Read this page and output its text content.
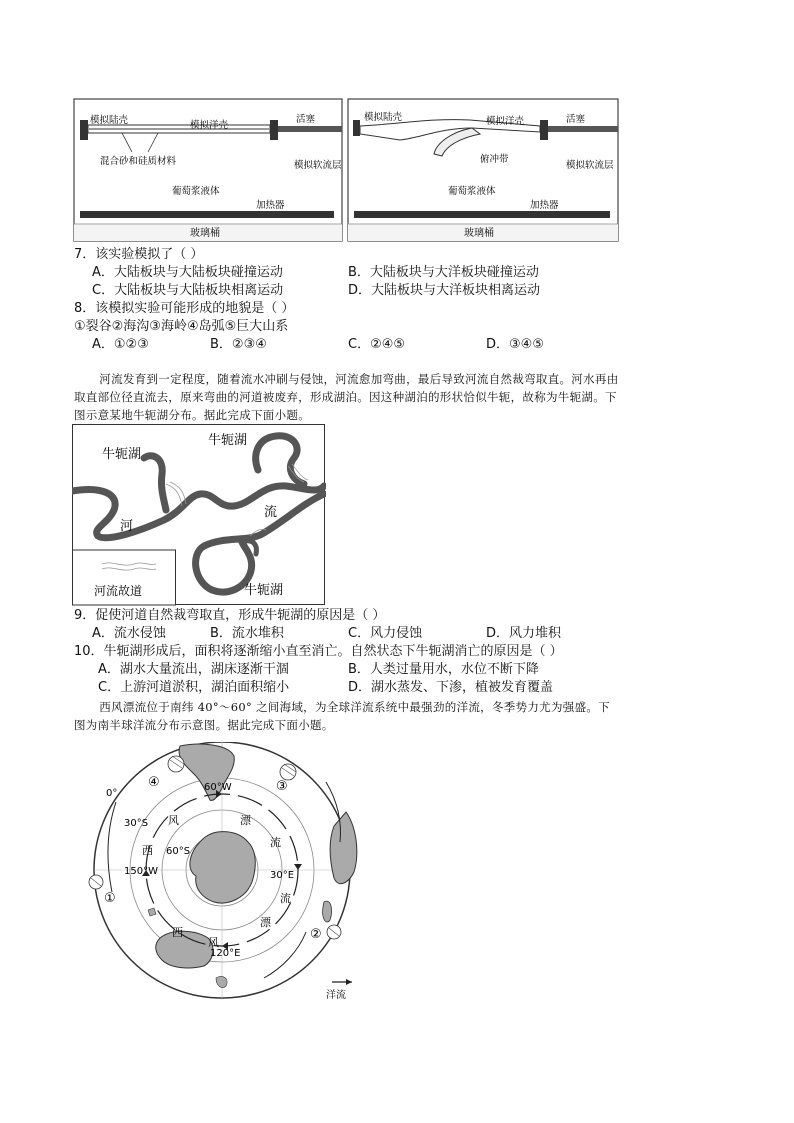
模拟陆壳	模拟洋壳
活塞
混合砂和硅质材料	模拟软流层
葡萄浆液体
加热器
玻璃桶
模拟陆壳	模拟洋壳	活塞
俯冲带
模拟软流层
葡萄浆液体
加热器
玻璃桶
7．该实验模拟了（ ）
A．大陆板块与大陆板块碰撞运动	B．大陆板块与大洋板块碰撞运动
C．大陆板块与大陆板块相离运动	D．大陆板块与大洋板块相离运动
8．该模拟实验可能形成的地貌是（ ）
①裂谷②海沟③海岭④岛弧⑤巨大山系
A．①②③	B．②③④	C．②④⑤	D．③④⑤
河流发育到一定程度，随着流水冲刷与侵蚀，河流愈加弯曲，最后导致河流自然裁弯取直。河水再由
取直部位径直流去，原来弯曲的河道被废弃，形成湖泊。因这种湖泊的形状恰似牛轭，故称为牛轭湖。下
图示意某地牛轭湖分布。据此完成下面小题。
河流故道
牛轭湖
牛轭湖
牛轭湖
河
流
9．促使河道自然裁弯取直，形成牛轭湖的原因是（ ）
A．流水侵蚀	B．流水堆积	C．风力侵蚀	D．风力堆积
10．牛轭湖形成后，面积将逐渐缩小直至消亡。自然状态下牛轭湖消亡的原因是（ ）
A．湖水大量流出，湖床逐渐干涸	B．人类过量用水，水位不断下降
C．上游河道淤积，湖泊面积缩小	D．湖水蒸发、下渗，植被发育覆盖
西风漂流位于南纬 40°～60° 之间海域，为全球洋流系统中最强劲的洋流，冬季势力尤为强盛。下
图为南半球洋流分布示意图。据此完成下面小题。
30°S
60°S
0°
60°W
150°W	30°E
120°E
西
风	漂
流
西
风
漂
流
①
②
③
④
洋流
